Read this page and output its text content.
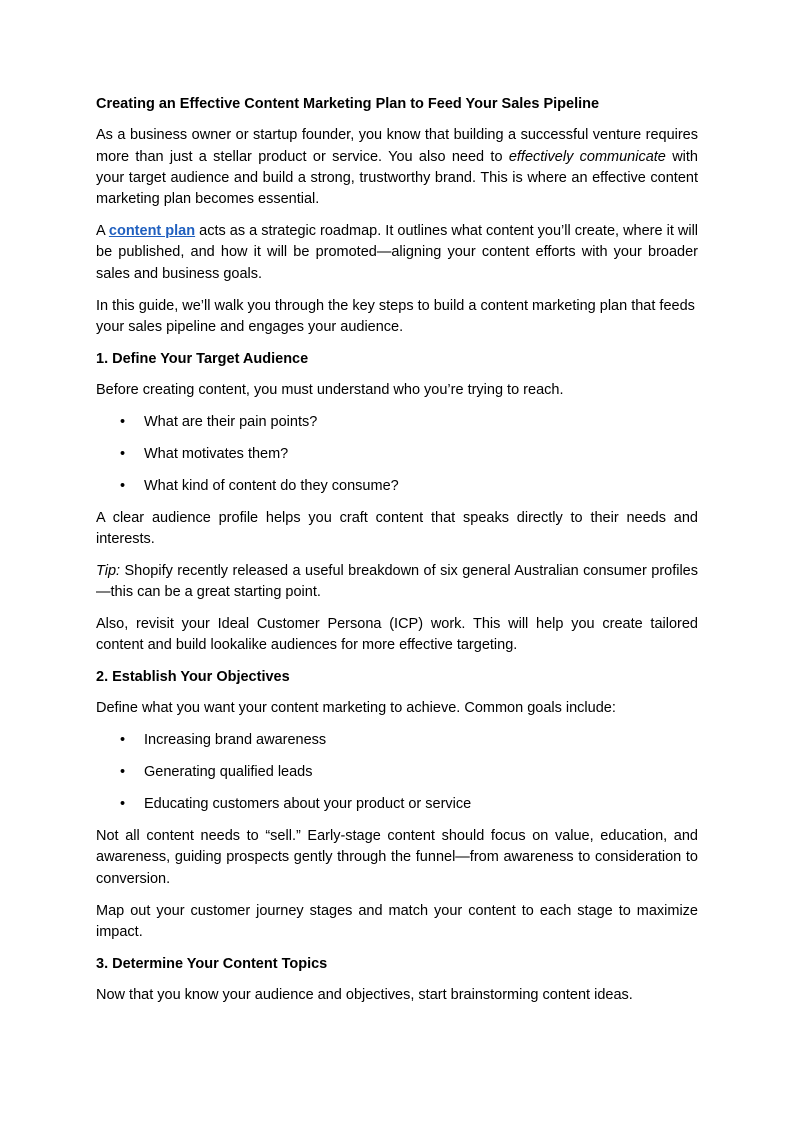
Creating an Effective Content Marketing Plan to Feed Your Sales Pipeline

As a business owner or startup founder, you know that building a successful venture requires more than just a stellar product or service. You also need to effectively communicate with your target audience and build a strong, trustworthy brand. This is where an effective content marketing plan becomes essential.

A content plan acts as a strategic roadmap. It outlines what content you’ll create, where it will be published, and how it will be promoted—aligning your content efforts with your broader sales and business goals.

In this guide, we’ll walk you through the key steps to build a content marketing plan that feeds your sales pipeline and engages your audience.

1. Define Your Target Audience

Before creating content, you must understand who you’re trying to reach.

• What are their pain points?
• What motivates them?
• What kind of content do they consume?

A clear audience profile helps you craft content that speaks directly to their needs and interests.

Tip: Shopify recently released a useful breakdown of six general Australian consumer profiles—this can be a great starting point.

Also, revisit your Ideal Customer Persona (ICP) work. This will help you create tailored content and build lookalike audiences for more effective targeting.

2. Establish Your Objectives

Define what you want your content marketing to achieve. Common goals include:

• Increasing brand awareness
• Generating qualified leads
• Educating customers about your product or service

Not all content needs to “sell.” Early-stage content should focus on value, education, and awareness, guiding prospects gently through the funnel—from awareness to consideration to conversion.

Map out your customer journey stages and match your content to each stage to maximize impact.

3. Determine Your Content Topics

Now that you know your audience and objectives, start brainstorming content ideas.
